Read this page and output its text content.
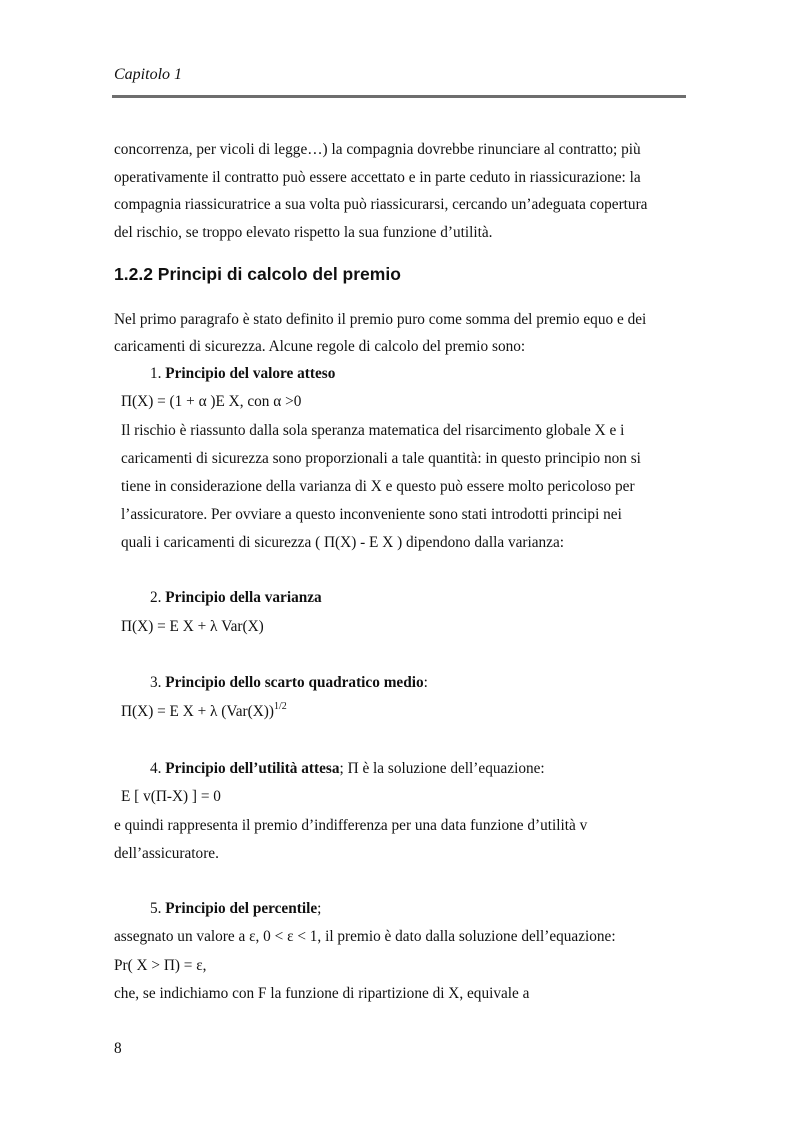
Capitolo 1
concorrenza, per vicoli di legge…) la compagnia dovrebbe rinunciare al contratto; più
operativamente il contratto può essere accettato e in parte ceduto in riassicurazione: la
compagnia riassicuratrice a sua volta può riassicurarsi, cercando un’adeguata copertura
del rischio, se troppo elevato rispetto la sua funzione d’utilità.
1.2.2 Principi di calcolo del premio
Nel primo paragrafo è stato definito il premio puro come somma del premio equo e dei
caricamenti di sicurezza. Alcune regole di calcolo del premio sono:
1. Principio del valore atteso
Π(X) = (1 + α )E X, con α >0
Il rischio è riassunto dalla sola speranza matematica del risarcimento globale X e i
caricamenti di sicurezza sono proporzionali a tale quantità: in questo principio non si
tiene in considerazione della varianza di X e questo può essere molto pericoloso per
l’assicuratore. Per ovviare a questo inconveniente sono stati introdotti principi nei
quali i caricamenti di sicurezza ( Π(X) - E X ) dipendono dalla varianza:
2. Principio della varianza
Π(X) = E X + λ Var(X)
3. Principio dello scarto quadratico medio:
Π(X) = E X + λ $(Var(X))^{1/2}$
4. Principio dell’utilità attesa; Π è la soluzione dell’equazione:
E [ v(Π-X) ] = 0
e quindi rappresenta il premio d’indifferenza per una data funzione d’utilità v
dell’assicuratore.
5. Principio del percentile;
assegnato un valore a ε, 0 < ε < 1, il premio è dato dalla soluzione dell’equazione:
Pr( X > Π) = ε,
che, se indichiamo con F la funzione di ripartizione di X, equivale a
8
